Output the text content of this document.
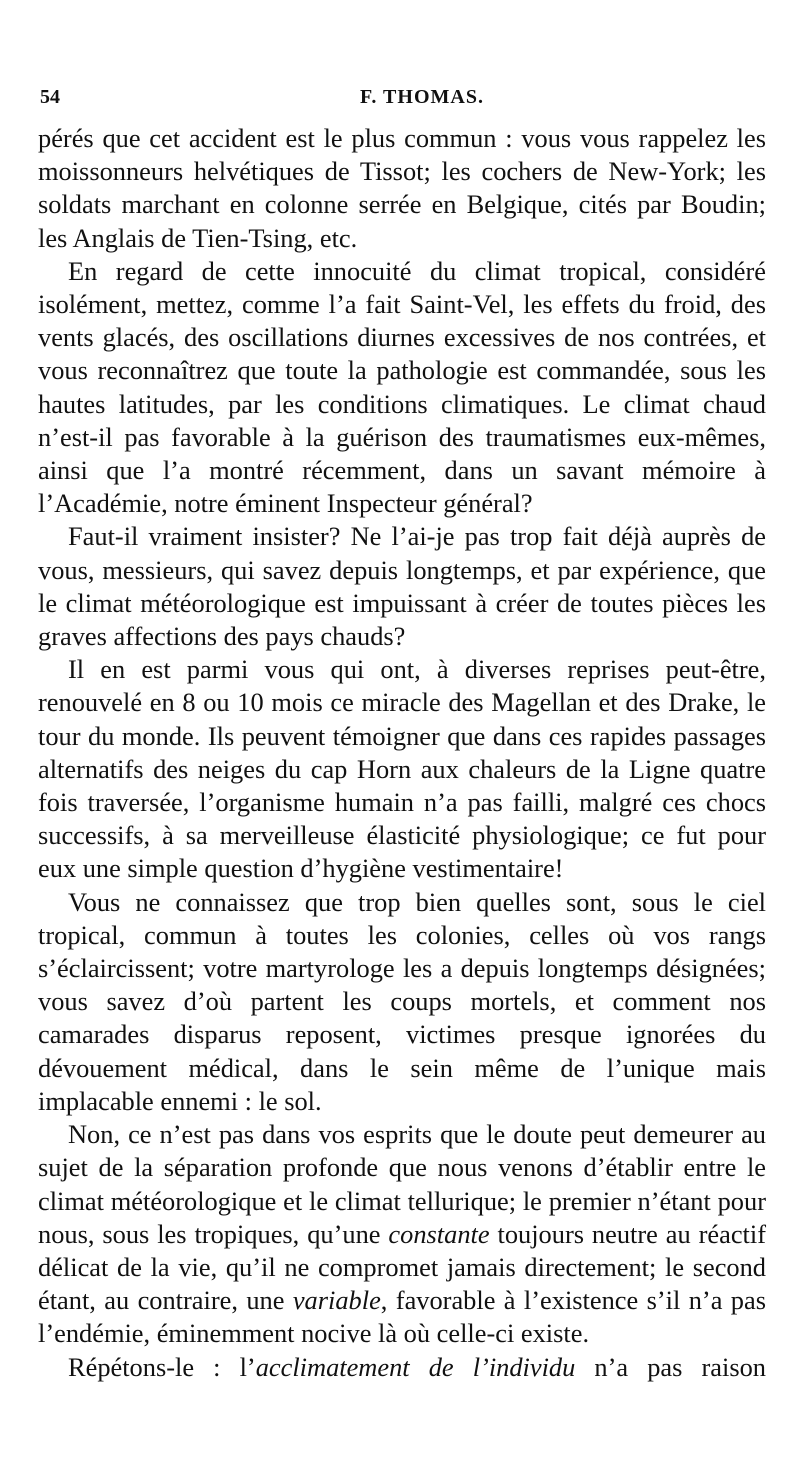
54	F. THOMAS.

pérés que cet accident est le plus commun : vous vous rappelez les moissonneurs helvétiques de Tissot; les cochers de New-York; les soldats marchant en colonne serrée en Belgique, cités par Boudin; les Anglais de Tien-Tsing, etc.

En regard de cette innocuité du climat tropical, considéré isolément, mettez, comme l’a fait Saint-Vel, les effets du froid, des vents glacés, des oscillations diurnes excessives de nos contrées, et vous reconnaîtrez que toute la pathologie est commandée, sous les hautes latitudes, par les conditions climatiques. Le climat chaud n’est-il pas favorable à la guérison des traumatismes eux-mêmes, ainsi que l’a montré récemment, dans un savant mémoire à l’Académie, notre éminent Inspecteur général?

Faut-il vraiment insister? Ne l’ai-je pas trop fait déjà auprès de vous, messieurs, qui savez depuis longtemps, et par expérience, que le climat météorologique est impuissant à créer de toutes pièces les graves affections des pays chauds?

Il en est parmi vous qui ont, à diverses reprises peut-être, renouvelé en 8 ou 10 mois ce miracle des Magellan et des Drake, le tour du monde. Ils peuvent témoigner que dans ces rapides passages alternatifs des neiges du cap Horn aux chaleurs de la Ligne quatre fois traversée, l’organisme humain n’a pas failli, malgré ces chocs successifs, à sa merveilleuse élasticité physiologique; ce fut pour eux une simple question d’hygiène vestimentaire!

Vous ne connaissez que trop bien quelles sont, sous le ciel tropical, commun à toutes les colonies, celles où vos rangs s’éclaircissent; votre martyrologe les a depuis longtemps désignées; vous savez d’où partent les coups mortels, et comment nos camarades disparus reposent, victimes presque ignorées du dévouement médical, dans le sein même de l’unique mais implacable ennemi : le sol.

Non, ce n’est pas dans vos esprits que le doute peut demeurer au sujet de la séparation profonde que nous venons d’établir entre le climat météorologique et le climat tellurique; le premier n’étant pour nous, sous les tropiques, qu’une constante toujours neutre au réactif délicat de la vie, qu’il ne compromet jamais directement; le second étant, au contraire, une variable, favorable à l’existence s’il n’a pas l’endémie, éminemment nocive là où celle-ci existe.

Répétons-le : l’acclimatement de l’individu n’a pas raison
